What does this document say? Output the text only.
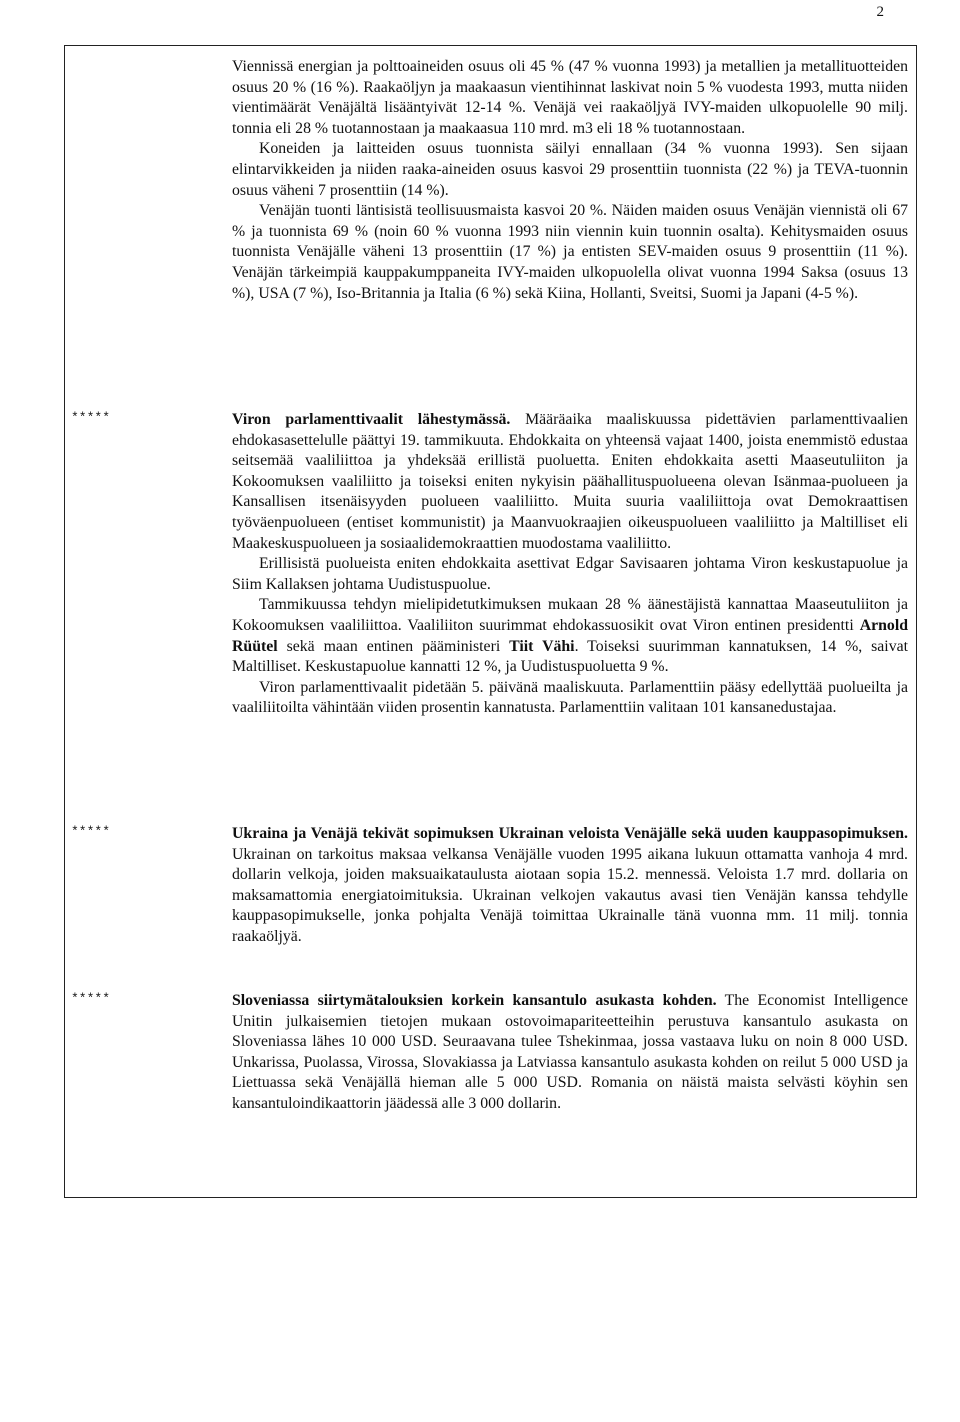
2

Viennissä energian ja polttoaineiden osuus oli 45 % (47 % vuonna 1993) ja metallien ja metallituotteiden osuus 20 % (16 %). Raakaöljyn ja maakaasun vientihinnat laskivat noin 5 % vuodesta 1993, mutta niiden vientimäärät Venäjältä lisääntyivät 12-14 %. Venäjä vei raakaöljyä IVY-maiden ulkopuolelle 90 milj. tonnia eli 28 % tuotannostaan ja maakaasua 110 mrd. m3 eli 18 % tuotannostaan.

Koneiden ja laitteiden osuus tuonnista säilyi ennallaan (34 % vuonna 1993). Sen sijaan elintarvikkeiden ja niiden raaka-aineiden osuus kasvoi 29 prosenttiin tuonnista (22 %) ja TEVA-tuonnin osuus väheni 7 prosenttiin (14 %).

Venäjän tuonti läntisistä teollisuusmaista kasvoi 20 %. Näiden maiden osuus Venäjän viennistä oli 67 % ja tuonnista 69 % (noin 60 % vuonna 1993 niin viennin kuin tuonnin osalta). Kehitysmaiden osuus tuonnista Venäjälle väheni 13 prosenttiin (17 %) ja entisten SEV-maiden osuus 9 prosenttiin (11 %). Venäjän tärkeimpiä kauppakumppaneita IVY-maiden ulkopuolella olivat vuonna 1994 Saksa (osuus 13 %), USA (7 %), Iso-Britannia ja Italia (6 %) sekä Kiina, Hollanti, Sveitsi, Suomi ja Japani (4-5 %).

*****	Viron parlamenttivaalit lähestymässä. Määräaika maaliskuussa pidettävien parlamenttivaalien ehdokasasettelulle päättyi 19. tammikuuta. Ehdokkaita on yhteensä vajaat 1400, joista enemmistö edustaa seitsemää vaaliliittoa ja yhdeksää erillistä puoluetta. Eniten ehdokkaita asetti Maaseutuliiton ja Kokoomuksen vaaliliitto ja toiseksi eniten nykyisin päähallituspuolueena olevan Isänmaa-puolueen ja Kansallisen itsenäisyyden puolueen vaaliliitto. Muita suuria vaaliliittoja ovat Demokraattisen työväenpuolueen (entiset kommunistit) ja Maanvuokraajien oikeuspuolueen vaaliliitto ja Maltilliset eli Maakeskuspuolueen ja sosiaalidemokraattien muodostama vaaliliitto.

Erillisistä puolueista eniten ehdokkaita asettivat Edgar Savisaaren johtama Viron keskustapuolue ja Siim Kallaksen johtama Uudistuspuolue.

Tammikuussa tehdyn mielipidetutkimuksen mukaan 28 % äänestäjistä kannattaa Maaseutuliiton ja Kokoomuksen vaaliliittoa. Vaaliliiton suurimmat ehdokassuosikit ovat Viron entinen presidentti Arnold Rüütel sekä maan entinen pääministeri Tiit Vähi. Toiseksi suurimman kannatuksen, 14 %, saivat Maltilliset. Keskustapuolue kannatti 12 %, ja Uudistuspuoluetta 9 %.

Viron parlamenttivaalit pidetään 5. päivänä maaliskuuta. Parlamenttiin pääsy edellyttää puolueilta ja vaaliliitoilta vähintään viiden prosentin kannatusta. Parlamenttiin valitaan 101 kansanedustajaa.

*****	Ukraina ja Venäjä tekivät sopimuksen Ukrainan veloista Venäjälle sekä uuden kauppasopimuksen. Ukrainan on tarkoitus maksaa velkansa Venäjälle vuoden 1995 aikana lukuun ottamatta vanhoja 4 mrd. dollarin velkoja, joiden maksuaikataulusta aiotaan sopia 15.2. mennessä. Veloista 1.7 mrd. dollaria on maksamattomia energiatoimituksia. Ukrainan velkojen vakautus avasi tien Venäjän kanssa tehdylle kauppasopimukselle, jonka pohjalta Venäjä toimittaa Ukrainalle tänä vuonna mm. 11 milj. tonnia raakaöljyä.

*****	Sloveniassa siirtymätalouksien korkein kansantulo asukasta kohden. The Economist Intelligence Unitin julkaisemien tietojen mukaan ostovoimapariteetteihin perustuva kansantulo asukasta on Sloveniassa lähes 10 000 USD. Seuraavana tulee Tshekinmaa, jossa vastaava luku on noin 8 000 USD. Unkarissa, Puolassa, Virossa, Slovakiassa ja Latviassa kansantulo asukasta kohden on reilut 5 000 USD ja Liettuassa sekä Venäjällä hieman alle 5 000 USD. Romania on näistä maista selvästi köyhin sen kansantuloindikaattorin jäädessä alle 3 000 dollarin.
